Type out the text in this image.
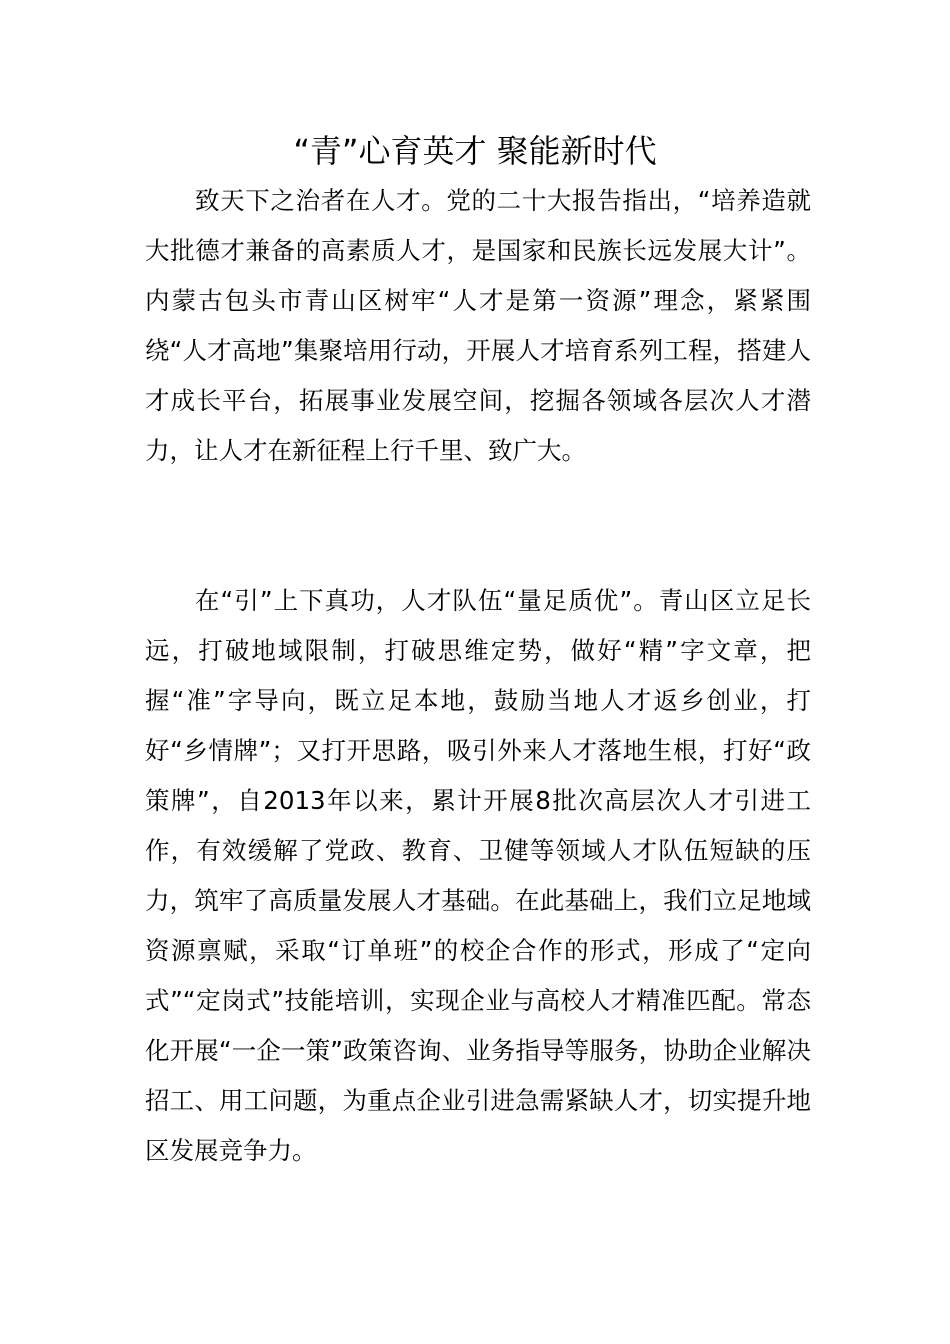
“青”心育英才 聚能新时代

致天下之治者在人才。党的二十大报告指出，“培养造就大批德才兼备的高素质人才，是国家和民族长远发展大计”。内蒙古包头市青山区树牢“人才是第一资源”理念，紧紧围绕“人才高地”集聚培用行动，开展人才培育系列工程，搭建人才成长平台，拓展事业发展空间，挖掘各领域各层次人才潜力，让人才在新征程上行千里、致广大。

在“引”上下真功，人才队伍“量足质优”。青山区立足长远，打破地域限制，打破思维定势，做好“精”字文章，把握“准”字导向，既立足本地，鼓励当地人才返乡创业，打好“乡情牌”；又打开思路，吸引外来人才落地生根，打好“政策牌”，自2013年以来，累计开展8批次高层次人才引进工作，有效缓解了党政、教育、卫健等领域人才队伍短缺的压力，筑牢了高质量发展人才基础。在此基础上，我们立足地域资源禀赋，采取“订单班”的校企合作的形式，形成了“定向式”“定岗式”技能培训，实现企业与高校人才精准匹配。常态化开展“一企一策”政策咨询、业务指导等服务，协助企业解决招工、用工问题，为重点企业引进急需紧缺人才，切实提升地区发展竞争力。
